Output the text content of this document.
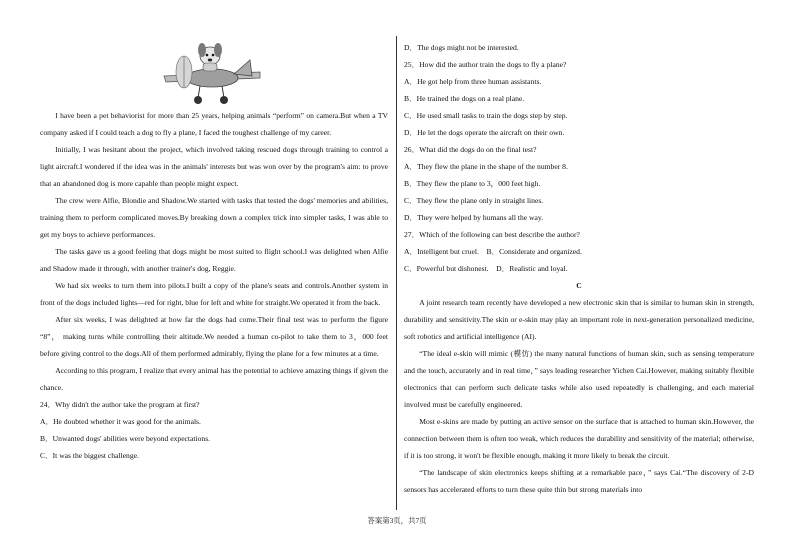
I have been a pet behaviorist for more than 25 years, helping animals “perform” on camera.But when a TV company asked if I could teach a dog to fly a plane, I faced the toughest challenge of my career.

Initially, I was hesitant about the project, which involved taking rescued dogs through training to control a light aircraft.I wondered if the idea was in the animals' interests but was won over by the program's aim: to prove that an abandoned dog is more capable than people might expect.

The crew were Alfie, Blondie and Shadow.We started with tasks that tested the dogs' memories and abilities, training them to perform complicated moves.By breaking down a complex trick into simpler tasks, I was able to get my boys to achieve performances.

The tasks gave us a good feeling that dogs might be most suited to flight school.I was delighted when Alfie and Shadow made it through, with another trainer's dog, Reggie.

We had six weeks to turn them into pilots.I built a copy of the plane's seats and controls.Another system in front of the dogs included lights—red for right, blue for left and white for straight.We operated it from the back.

After six weeks, I was delighted at how far the dogs had come.Their final test was to perform the figure “8”， making turns while controlling their altitude.We needed a human co-pilot to take them to 3，000 feet before giving control to the dogs.All of them performed admirably, flying the plane for a few minutes at a time.

According to this program, I realize that every animal has the potential to achieve amazing things if given the chance.

24．Why didn't the author take the program at first?

A．He doubted whether it was good for the animals.

B．Unwanted dogs' abilities were beyond expectations.

C．It was the biggest challenge.

D．The dogs might not be interested.

25．How did the author train the dogs to fly a plane?

A．He got help from three human assistants.

B．He trained the dogs on a real plane.

C．He used small tasks to train the dogs step by step.

D．He let the dogs operate the aircraft on their own.

26．What did the dogs do on the final test?

A．They flew the plane in the shape of the number 8.

B．They flew the plane to 3，000 feet high.

C．They flew the plane only in straight lines.

D．They were helped by humans all the way.

27．Which of the following can best describe the author?

A．Intelligent but cruel.    B．Considerate and organized.

C．Powerful but dishonest.    D．Realistic and loyal.

C

A joint research team recently have developed a new electronic skin that is similar to human skin in strength, durability and sensitivity.The skin or e-skin may play an important role in next-generation personalized medicine, soft robotics and artificial intelligence (AI).

“The ideal e-skin will mimic (模仿) the many natural functions of human skin, such as sensing temperature and the touch, accurately and in real time，” says leading researcher Yichen Cai.However, making suitably flexible electronics that can perform such delicate tasks while also used repeatedly is challenging, and each material involved must be carefully engineered.

Most e-skins are made by putting an active sensor on the surface that is attached to human skin.However, the connection between them is often too weak, which reduces the durability and sensitivity of the material; otherwise, if it is too strong, it won't be flexible enough, making it more likely to break the circuit.

“The landscape of skin electronics keeps shifting at a remarkable pace，” says Cai.“The discovery of 2-D sensors has accelerated efforts to turn these quite thin but strong materials into

答案第3页，共7页
